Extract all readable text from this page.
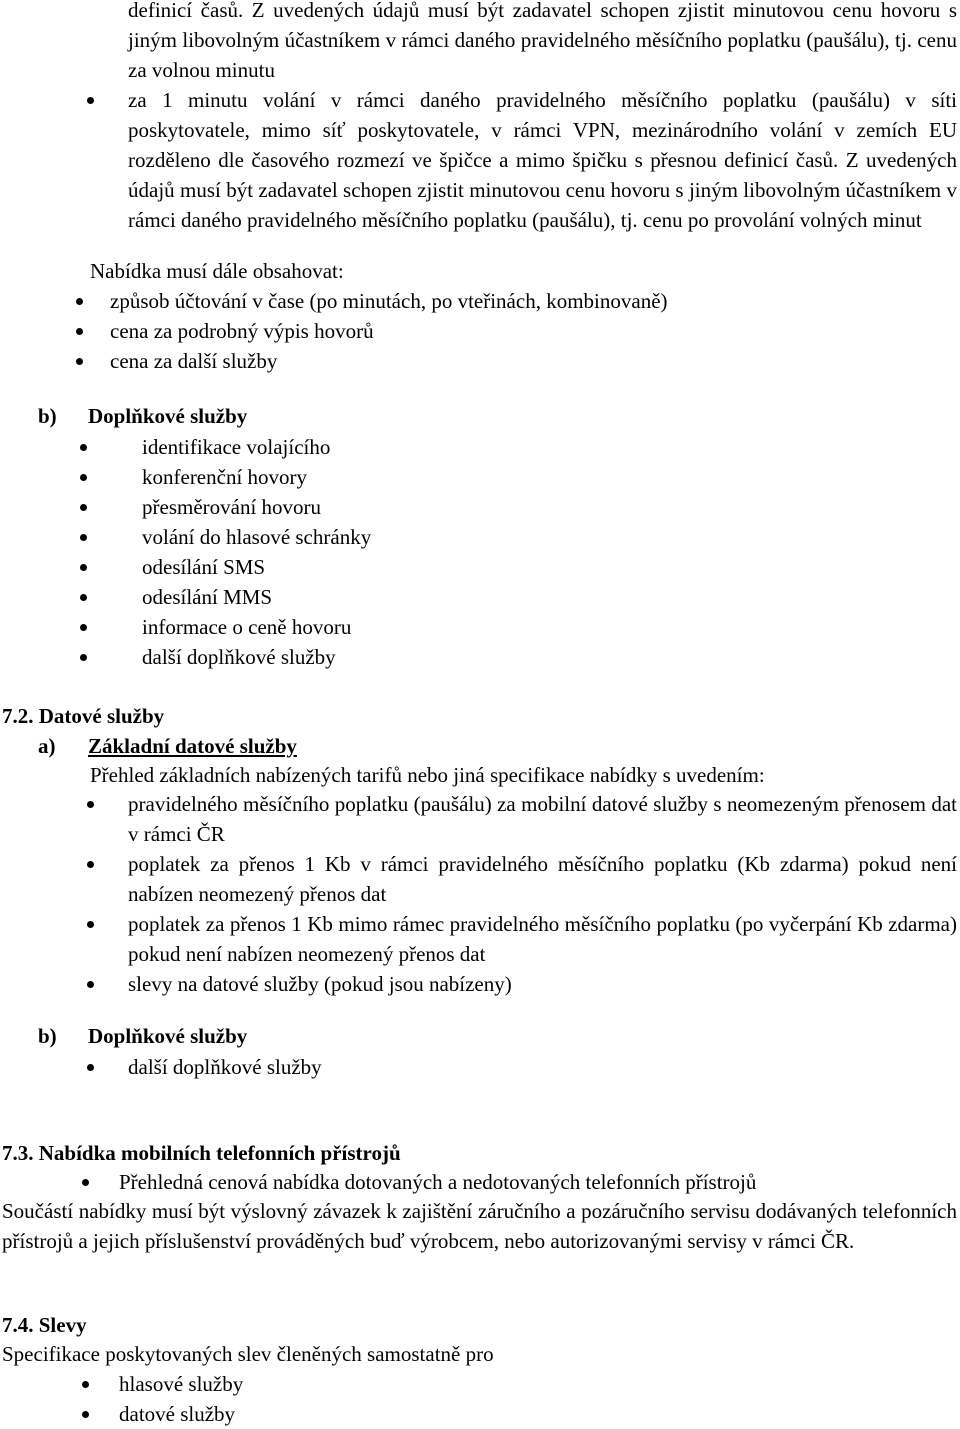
definicí časů. Z uvedených údajů musí být zadavatel schopen zjistit minutovou cenu hovoru s jiným libovolným účastníkem v rámci daného pravidelného měsíčního poplatku (paušálu), tj. cenu za volnou minutu
za 1 minutu volání v rámci daného pravidelného měsíčního poplatku (paušálu) v síti poskytovatele, mimo síť poskytovatele, v rámci VPN, mezinárodního volání v zemích EU rozděleno dle časového rozmezí ve špičce a mimo špičku s přesnou definicí časů. Z uvedených údajů musí být zadavatel schopen zjistit minutovou cenu hovoru s jiným libovolným účastníkem v rámci daného pravidelného měsíčního poplatku (paušálu), tj. cenu po provolání volných minut
Nabídka musí dále obsahovat:
způsob účtování v čase (po minutách, po vteřinách, kombinovaně)
cena za podrobný výpis hovorů
cena za další služby
b)	Doplňkové služby
identifikace volajícího
konferenční hovory
přesměrování hovoru
volání do hlasové schránky
odesílání SMS
odesílání MMS
informace o ceně hovoru
další doplňkové služby
7.2. Datové služby
a)	Základní datové služby
Přehled základních nabízených tarifů nebo jiná specifikace nabídky s uvedením:
pravidelného měsíčního poplatku (paušálu) za mobilní datové služby s neomezeným přenosem dat v rámci ČR
poplatek za přenos 1 Kb v rámci pravidelného měsíčního poplatku (Kb zdarma) pokud není nabízen neomezený přenos dat
poplatek za přenos 1 Kb mimo rámec pravidelného měsíčního poplatku (po vyčerpání Kb zdarma) pokud není nabízen neomezený přenos dat
slevy na datové služby (pokud jsou nabízeny)
b)	Doplňkové služby
další doplňkové služby
7.3. Nabídka mobilních telefonních přístrojů
Přehledná cenová nabídka dotovaných a nedotovaných telefonních přístrojů
Součástí nabídky musí být výslovný závazek k zajištění záručního a pozáručního servisu dodávaných telefonních přístrojů a jejich příslušenství prováděných buď výrobcem, nebo autorizovanými servisy v rámci ČR.
7.4. Slevy
Specifikace poskytovaných slev členěných samostatně pro
hlasové služby
datové služby
